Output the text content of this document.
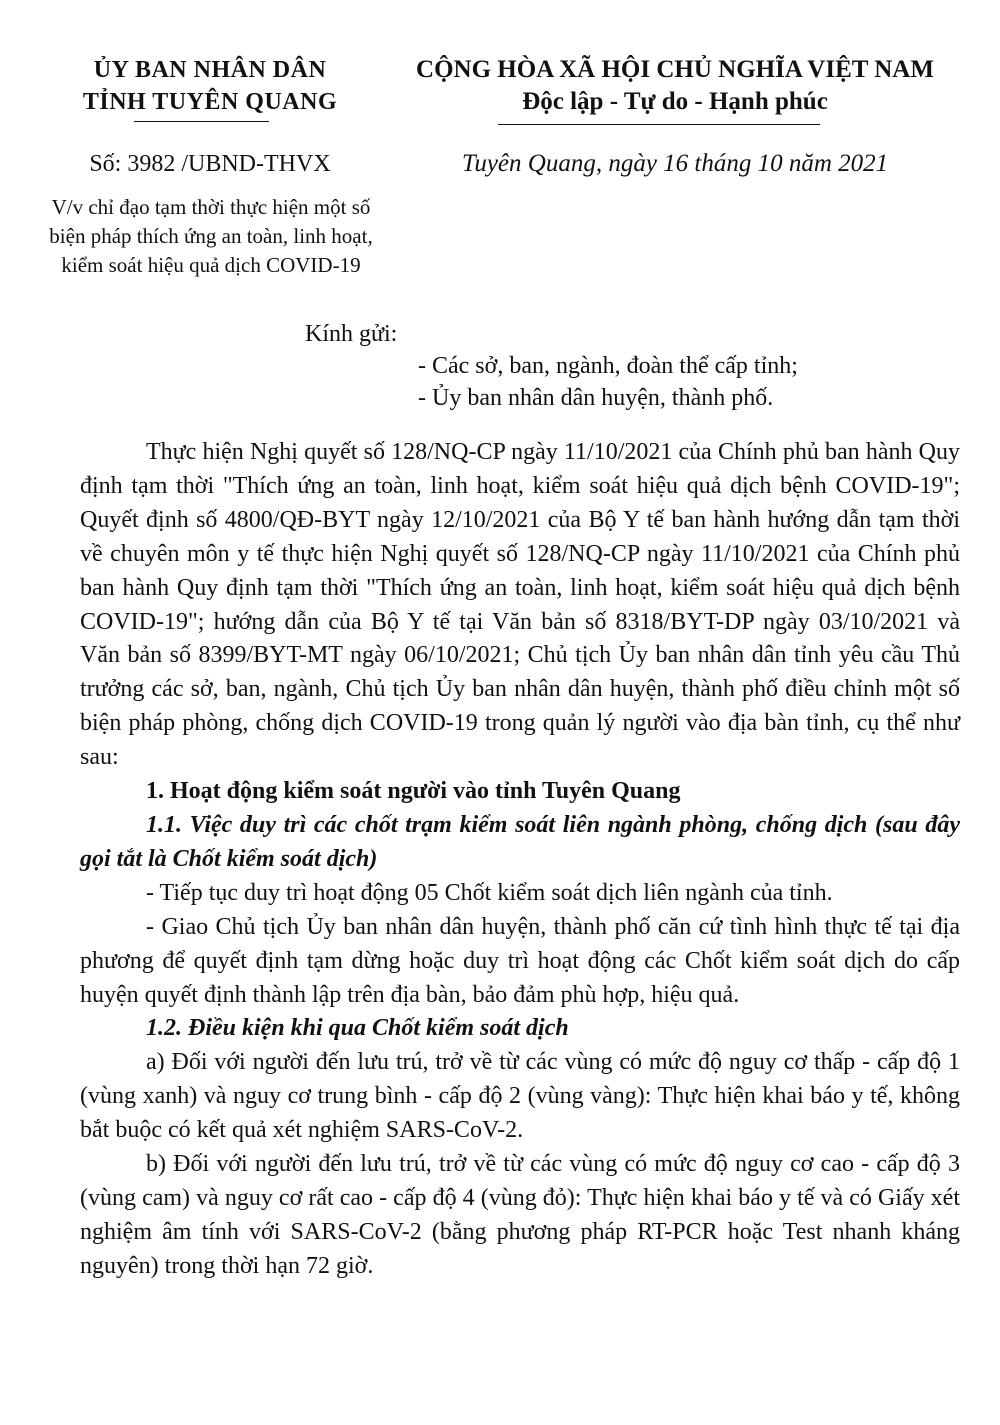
ỦY BAN NHÂN DÂN
TỈNH TUYÊN QUANG
CỘNG HÒA XÃ HỘI CHỦ NGHĨA VIỆT NAM
Độc lập - Tự do - Hạnh phúc
Số: 3982 /UBND-THVX	Tuyên Quang, ngày 16 tháng 10 năm 2021
V/v chỉ đạo tạm thời thực hiện một số
biện pháp thích ứng an toàn, linh hoạt,
kiểm soát hiệu quả dịch COVID-19
Kính gửi:
- Các sở, ban, ngành, đoàn thể cấp tỉnh;
- Ủy ban nhân dân huyện, thành phố.

Thực hiện Nghị quyết số 128/NQ-CP ngày 11/10/2021 của Chính phủ ban hành Quy định tạm thời "Thích ứng an toàn, linh hoạt, kiểm soát hiệu quả dịch bệnh COVID-19"; Quyết định số 4800/QĐ-BYT ngày 12/10/2021 của Bộ Y tế ban hành hướng dẫn tạm thời về chuyên môn y tế thực hiện Nghị quyết số 128/NQ-CP ngày 11/10/2021 của Chính phủ ban hành Quy định tạm thời "Thích ứng an toàn, linh hoạt, kiểm soát hiệu quả dịch bệnh COVID-19"; hướng dẫn của Bộ Y tế tại Văn bản số 8318/BYT-DP ngày 03/10/2021 và Văn bản số 8399/BYT-MT ngày 06/10/2021; Chủ tịch Ủy ban nhân dân tỉnh yêu cầu Thủ trưởng các sở, ban, ngành, Chủ tịch Ủy ban nhân dân huyện, thành phố điều chỉnh một số biện pháp phòng, chống dịch COVID-19 trong quản lý người vào địa bàn tỉnh, cụ thể như sau:

1. Hoạt động kiểm soát người vào tỉnh Tuyên Quang

1.1. Việc duy trì các chốt trạm kiểm soát liên ngành phòng, chống dịch (sau đây gọi tắt là Chốt kiểm soát dịch)

- Tiếp tục duy trì hoạt động 05 Chốt kiểm soát dịch liên ngành của tỉnh.

- Giao Chủ tịch Ủy ban nhân dân huyện, thành phố căn cứ tình hình thực tế tại địa phương để quyết định tạm dừng hoặc duy trì hoạt động các Chốt kiểm soát dịch do cấp huyện quyết định thành lập trên địa bàn, bảo đảm phù hợp, hiệu quả.

1.2. Điều kiện khi qua Chốt kiểm soát dịch

a) Đối với người đến lưu trú, trở về từ các vùng có mức độ nguy cơ thấp - cấp độ 1 (vùng xanh) và nguy cơ trung bình - cấp độ 2 (vùng vàng): Thực hiện khai báo y tế, không bắt buộc có kết quả xét nghiệm SARS-CoV-2.

b) Đối với người đến lưu trú, trở về từ các vùng có mức độ nguy cơ cao - cấp độ 3 (vùng cam) và nguy cơ rất cao - cấp độ 4 (vùng đỏ): Thực hiện khai báo y tế và có Giấy xét nghiệm âm tính với SARS-CoV-2 (bằng phương pháp RT-PCR hoặc Test nhanh kháng nguyên) trong thời hạn 72 giờ.
